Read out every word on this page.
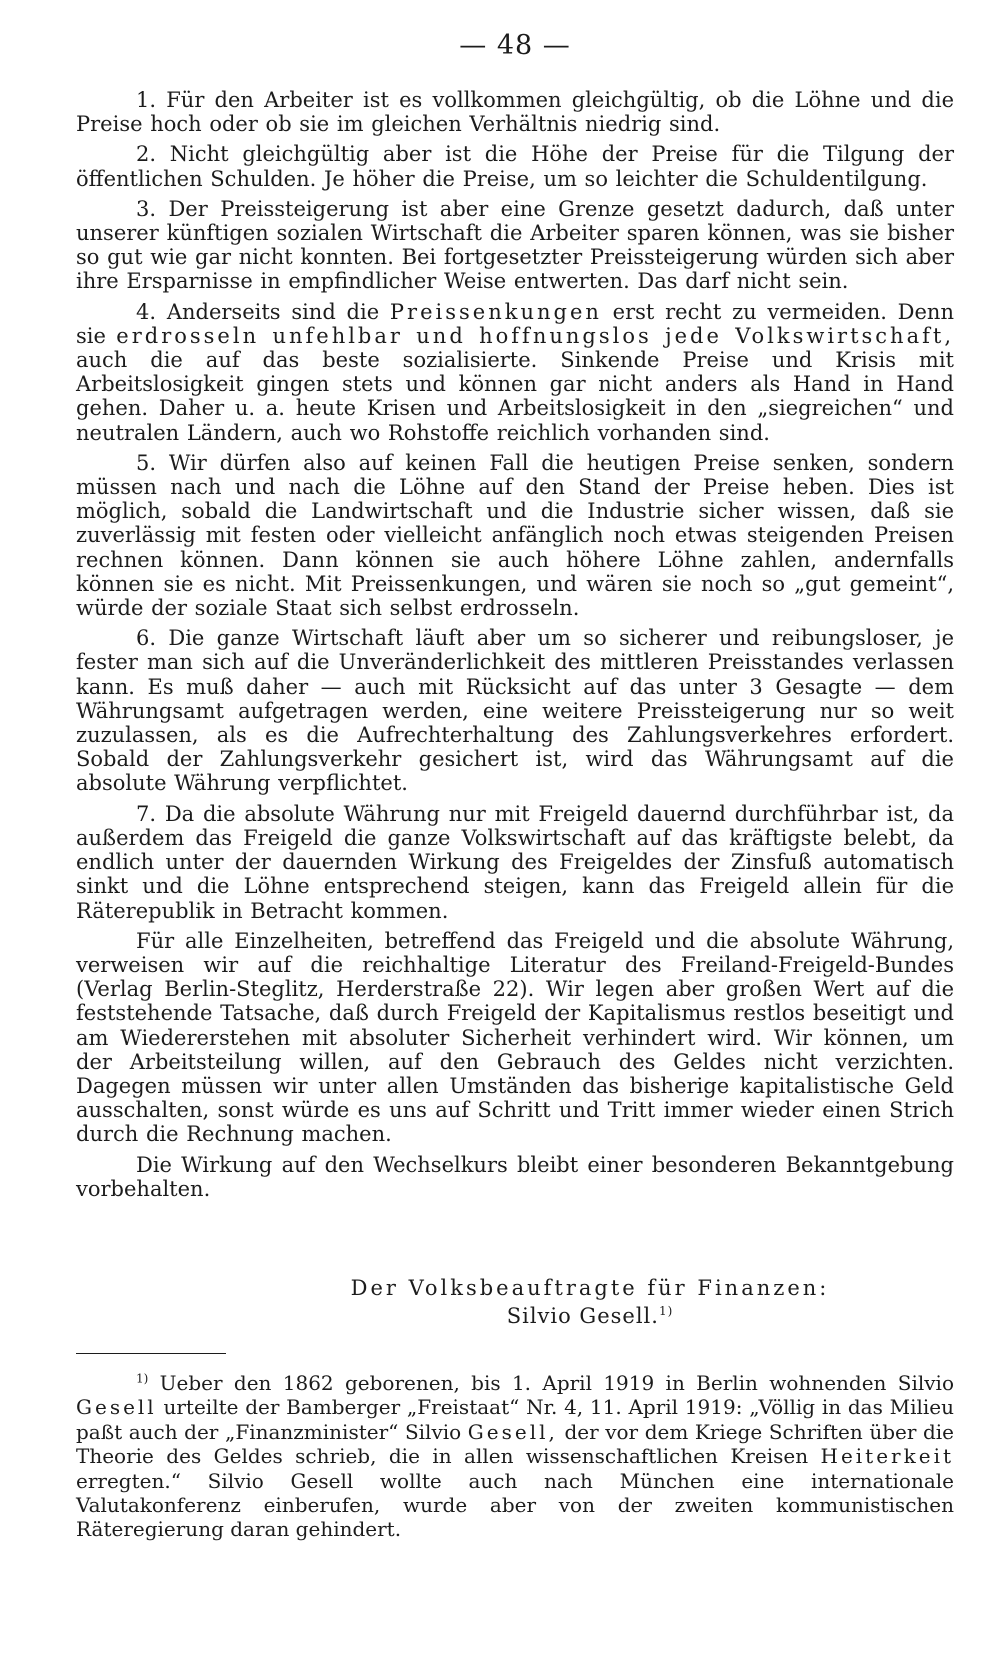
— 48 —

1. Für den Arbeiter ist es vollkommen gleichgültig, ob die Löhne und die Preise hoch oder ob sie im gleichen Verhältnis niedrig sind.

2. Nicht gleichgültig aber ist die Höhe der Preise für die Tilgung der öffentlichen Schulden. Je höher die Preise, um so leichter die Schuldentilgung.

3. Der Preissteigerung ist aber eine Grenze gesetzt dadurch, daß unter unserer künftigen sozialen Wirtschaft die Arbeiter sparen können, was sie bisher so gut wie gar nicht konnten. Bei fortgesetzter Preissteigerung würden sich aber ihre Ersparnisse in empfindlicher Weise entwerten. Das darf nicht sein.

4. Anderseits sind die Preissenkungen erst recht zu vermeiden. Denn sie erdrosseln unfehlbar und hoffnungslos jede Volkswirtschaft, auch die auf das beste sozialisierte. Sinkende Preise und Krisis mit Arbeitslosigkeit gingen stets und können gar nicht anders als Hand in Hand gehen. Daher u. a. heute Krisen und Arbeitslosigkeit in den „siegreichen“ und neutralen Ländern, auch wo Rohstoffe reichlich vorhanden sind.

5. Wir dürfen also auf keinen Fall die heutigen Preise senken, sondern müssen nach und nach die Löhne auf den Stand der Preise heben. Dies ist möglich, sobald die Landwirtschaft und die Industrie sicher wissen, daß sie zuverlässig mit festen oder vielleicht anfänglich noch etwas steigenden Preisen rechnen können. Dann können sie auch höhere Löhne zahlen, andernfalls können sie es nicht. Mit Preissenkungen, und wären sie noch so „gut gemeint“, würde der soziale Staat sich selbst erdrosseln.

6. Die ganze Wirtschaft läuft aber um so sicherer und reibungsloser, je fester man sich auf die Unveränderlichkeit des mittleren Preisstandes verlassen kann. Es muß daher — auch mit Rücksicht auf das unter 3 Gesagte — dem Währungsamt aufgetragen werden, eine weitere Preissteigerung nur so weit zuzulassen, als es die Aufrechterhaltung des Zahlungsverkehres erfordert. Sobald der Zahlungsverkehr gesichert ist, wird das Währungsamt auf die absolute Währung verpflichtet.

7. Da die absolute Währung nur mit Freigeld dauernd durchführbar ist, da außerdem das Freigeld die ganze Volkswirtschaft auf das kräftigste belebt, da endlich unter der dauernden Wirkung des Freigeldes der Zinsfuß automatisch sinkt und die Löhne entsprechend steigen, kann das Freigeld allein für die Räterepublik in Betracht kommen.

Für alle Einzelheiten, betreffend das Freigeld und die absolute Währung, verweisen wir auf die reichhaltige Literatur des Freiland-Freigeld-Bundes (Verlag Berlin-Steglitz, Herderstraße 22). Wir legen aber großen Wert auf die feststehende Tatsache, daß durch Freigeld der Kapitalismus restlos beseitigt und am Wiedererstehen mit absoluter Sicherheit verhindert wird. Wir können, um der Arbeitsteilung willen, auf den Gebrauch des Geldes nicht verzichten. Dagegen müssen wir unter allen Umständen das bisherige kapitalistische Geld ausschalten, sonst würde es uns auf Schritt und Tritt immer wieder einen Strich durch die Rechnung machen.

Die Wirkung auf den Wechselkurs bleibt einer besonderen Bekanntgebung vorbehalten.

Der Volksbeauftragte für Finanzen:
Silvio Gesell.$^{1)}$

$^{1)}$ Ueber den 1862 geborenen, bis 1. April 1919 in Berlin wohnenden Silvio Gesell urteilte der Bamberger „Freistaat“ Nr. 4, 11. April 1919: „Völlig in das Milieu paßt auch der „Finanzminister“ Silvio Gesell, der vor dem Kriege Schriften über die Theorie des Geldes schrieb, die in allen wissenschaftlichen Kreisen Heiterkeit erregten.“ Silvio Gesell wollte auch nach München eine internationale Valutakonferenz einberufen, wurde aber von der zweiten kommunistischen Räteregierung daran gehindert.
